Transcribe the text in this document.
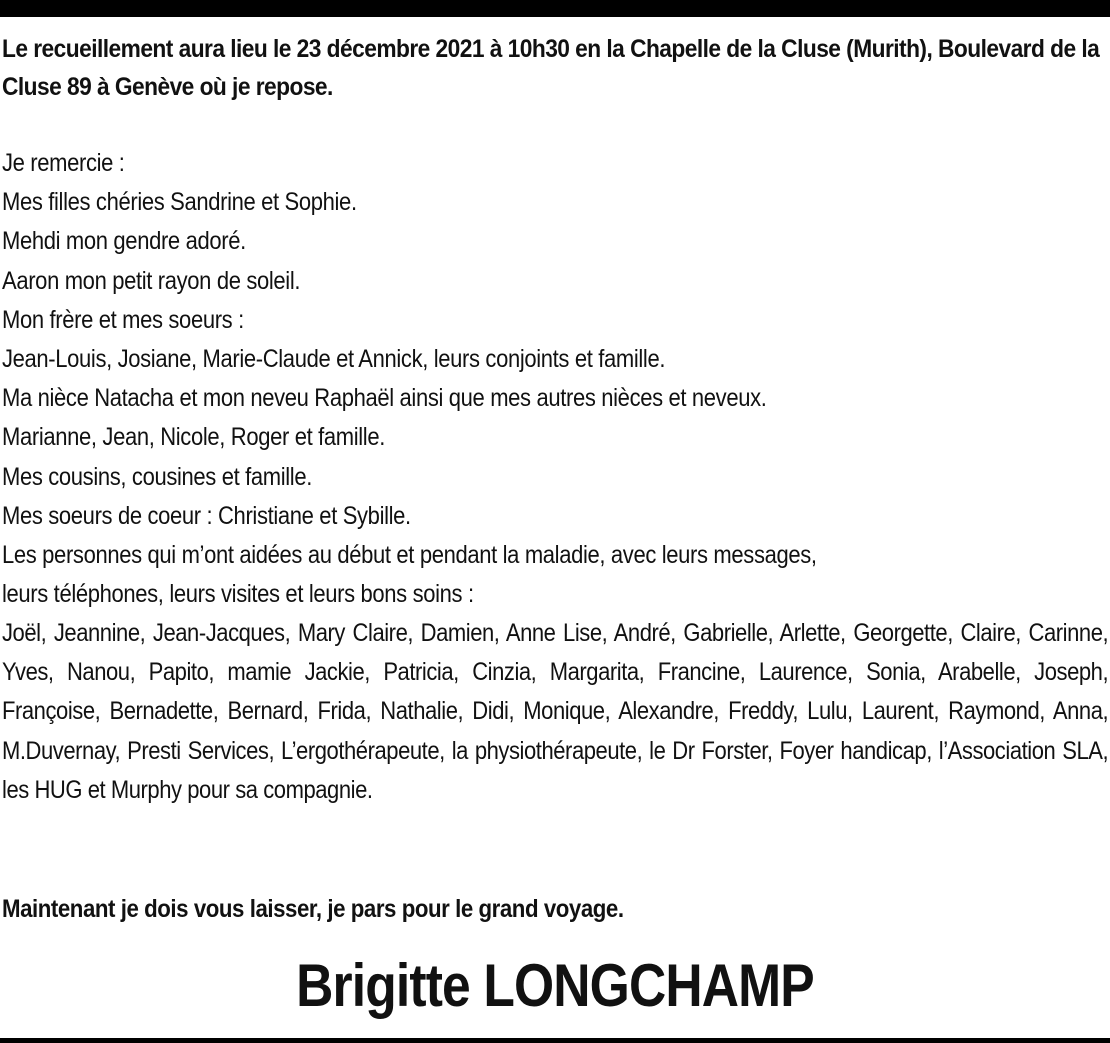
Le recueillement aura lieu le 23 décembre 2021 à 10h30 en la Chapelle de la Cluse (Murith), Boulevard de la Cluse 89 à Genève où je repose.

Je remercie :

Mes filles chéries Sandrine et Sophie.

Mehdi mon gendre adoré.

Aaron mon petit rayon de soleil.

Mon frère et mes soeurs :

Jean-Louis, Josiane, Marie-Claude et Annick, leurs conjoints et famille.

Ma nièce Natacha et mon neveu Raphaël ainsi que mes autres nièces et neveux.

Marianne, Jean, Nicole, Roger et famille.

Mes cousins, cousines et famille.

Mes soeurs de coeur : Christiane et Sybille.

Les personnes qui m’ont aidées au début et pendant la maladie, avec leurs messages,

leurs téléphones, leurs visites et leurs bons soins :

Joël, Jeannine, Jean-Jacques, Mary Claire, Damien, Anne Lise, André, Gabrielle, Arlette, Georgette, Claire, Carinne, Yves, Nanou, Papito, mamie Jackie, Patricia, Cinzia, Margarita, Francine, Laurence, Sonia, Arabelle, Joseph, Françoise, Bernadette, Bernard, Frida, Nathalie, Didi, Monique, Alexandre, Freddy, Lulu, Laurent, Raymond, Anna, M.Duvernay, Presti Services, L’ergothérapeute, la physiothérapeute, le Dr Forster, Foyer handicap, l’Association SLA, les HUG et Murphy pour sa compagnie.

Maintenant je dois vous laisser, je pars pour le grand voyage.

Brigitte LONGCHAMP
